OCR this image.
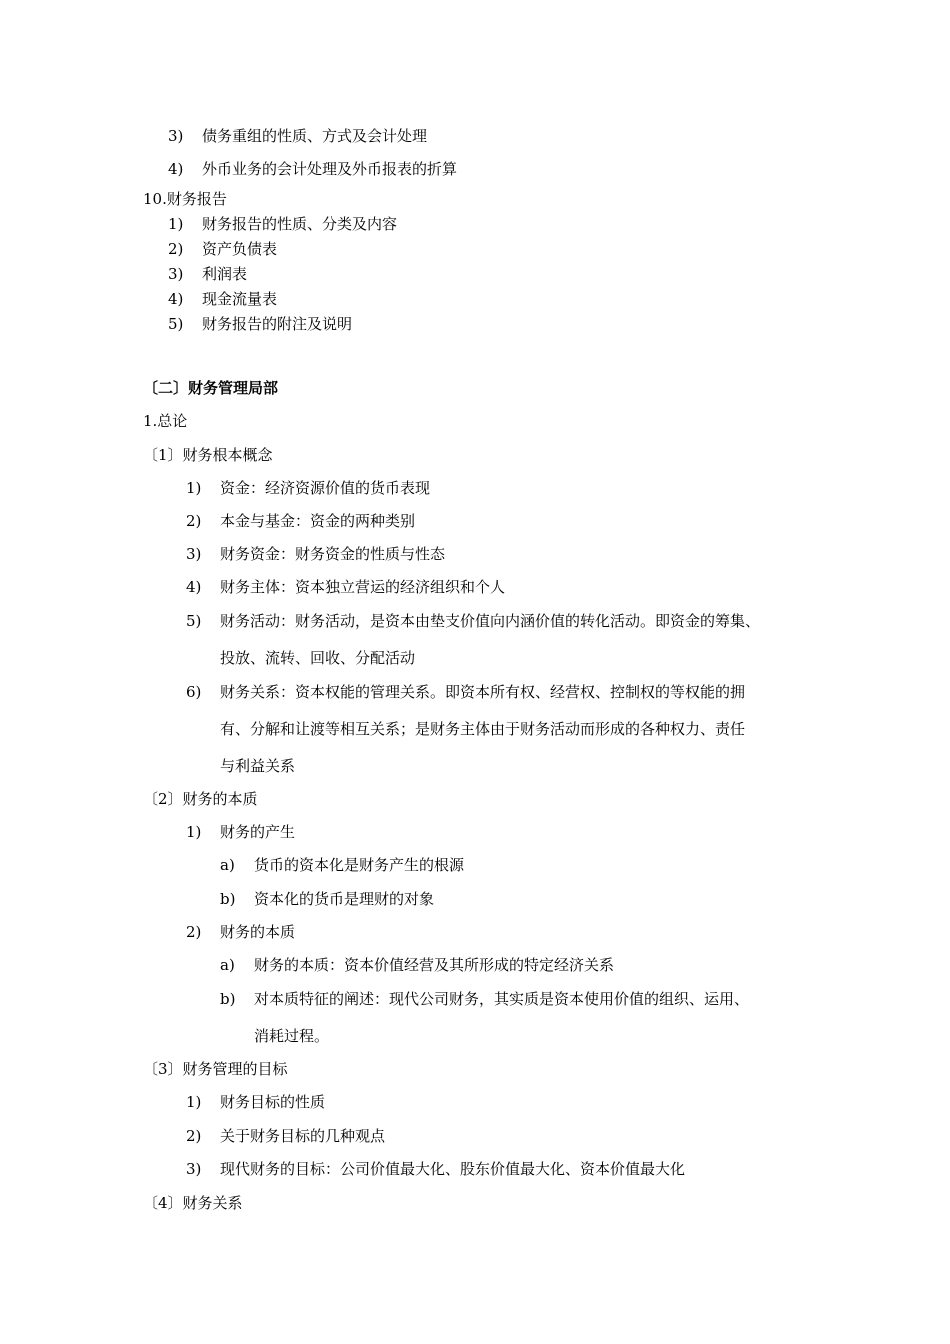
3) 债务重组的性质、方式及会计处理
4) 外币业务的会计处理及外币报表的折算
10.财务报告
1) 财务报告的性质、分类及内容
2) 资产负债表
3) 利润表
4) 现金流量表
5) 财务报告的附注及说明
〔二〕财务管理局部
1.总论
〔1〕财务根本概念
1) 资金：经济资源价值的货币表现
2) 本金与基金：资金的两种类别
3) 财务资金：财务资金的性质与性态
4) 财务主体：资本独立营运的经济组织和个人
5) 财务活动：财务活动，是资本由垫支价值向内涵价值的转化活动。即资金的筹集、
投放、流转、回收、分配活动
6) 财务关系：资本权能的管理关系。即资本所有权、经营权、控制权的等权能的拥
有、分解和让渡等相互关系；是财务主体由于财务活动而形成的各种权力、责任
与利益关系
〔2〕财务的本质
1) 财务的产生
a) 货币的资本化是财务产生的根源
b) 资本化的货币是理财的对象
2) 财务的本质
a) 财务的本质：资本价值经营及其所形成的特定经济关系
b) 对本质特征的阐述：现代公司财务，其实质是资本使用价值的组织、运用、
消耗过程。
〔3〕财务管理的目标
1) 财务目标的性质
2) 关于财务目标的几种观点
3) 现代财务的目标：公司价值最大化、股东价值最大化、资本价值最大化
〔4〕财务关系
